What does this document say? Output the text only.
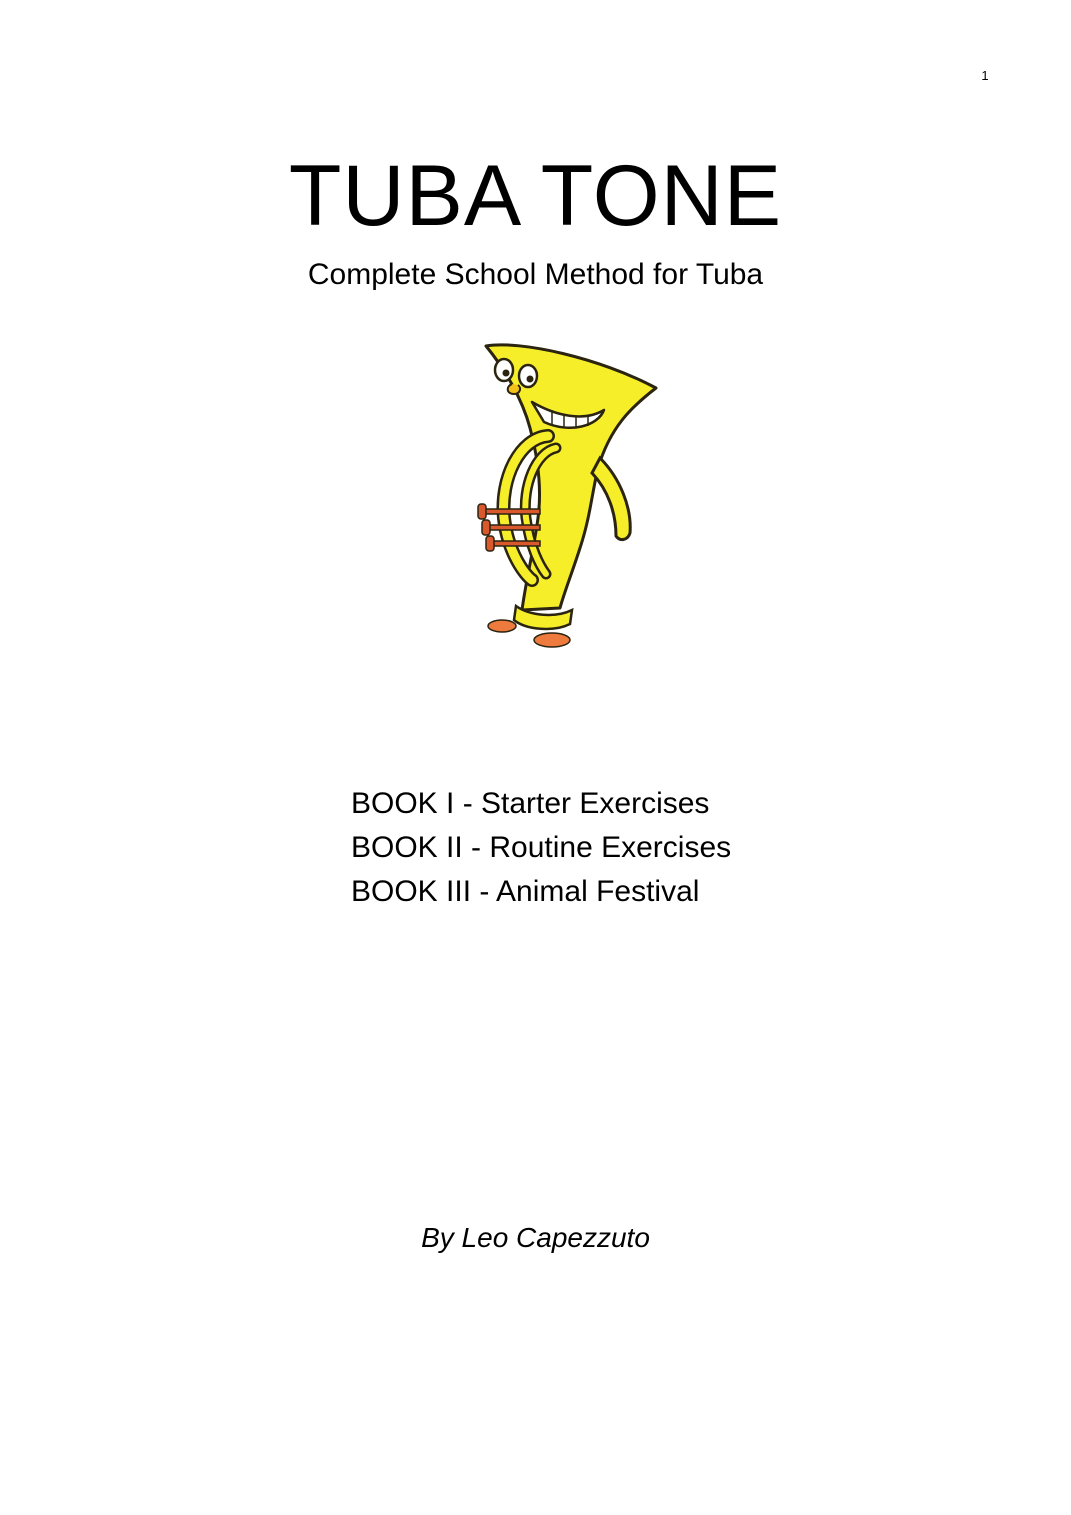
1
TUBA TONE
Complete School Method for Tuba
BOOK I - Starter Exercises
BOOK II - Routine Exercises
BOOK III - Animal Festival
By Leo Capezzuto
